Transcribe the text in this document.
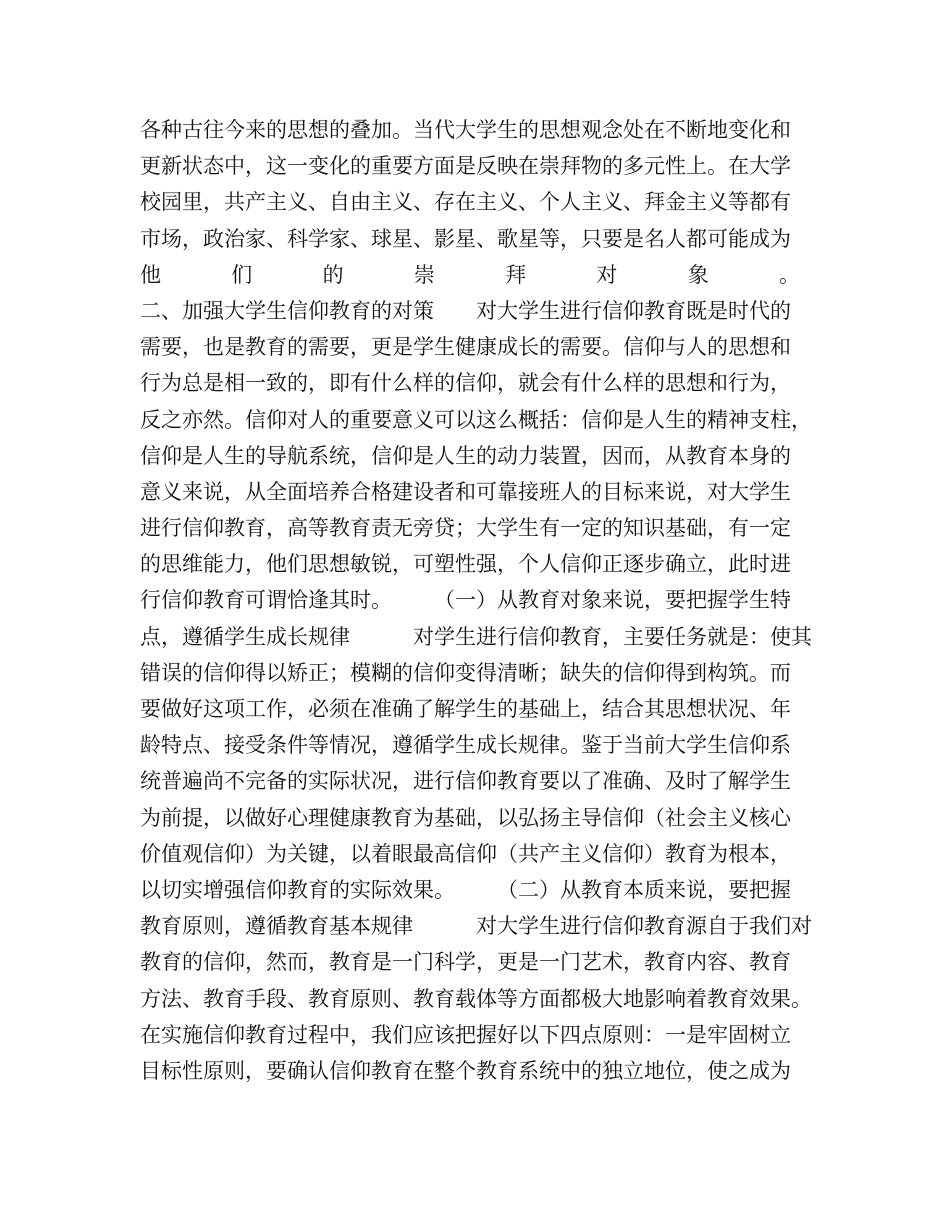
各种古往今来的思想的叠加。当代大学生的思想观念处在不断地变化和
更新状态中，这一变化的重要方面是反映在崇拜物的多元性上。在大学
校园里，共产主义、自由主义、存在主义、个人主义、拜金主义等都有
市场，政治家、科学家、球星、影星、歌星等，只要是名人都可能成为
他	们	的	崇	拜	对	象	。
二、加强大学生信仰教育的对策　　对大学生进行信仰教育既是时代的
需要，也是教育的需要，更是学生健康成长的需要。信仰与人的思想和
行为总是相一致的，即有什么样的信仰，就会有什么样的思想和行为，
反之亦然。信仰对人的重要意义可以这么概括：信仰是人生的精神支柱，
信仰是人生的导航系统，信仰是人生的动力装置，因而，从教育本身的
意义来说，从全面培养合格建设者和可靠接班人的目标来说，对大学生
进行信仰教育，高等教育责无旁贷；大学生有一定的知识基础，有一定
的思维能力，他们思想敏锐，可塑性强，个人信仰正逐步确立，此时进
行信仰教育可谓恰逢其时。　　　（一）从教育对象来说，要把握学生特
点，遵循学生成长规律　　　对学生进行信仰教育，主要任务就是：使其
错误的信仰得以矫正；模糊的信仰变得清晰；缺失的信仰得到构筑。而
要做好这项工作，必须在准确了解学生的基础上，结合其思想状况、年
龄特点、接受条件等情况，遵循学生成长规律。鉴于当前大学生信仰系
统普遍尚不完备的实际状况，进行信仰教育要以了准确、及时了解学生
为前提，以做好心理健康教育为基础，以弘扬主导信仰（社会主义核心
价值观信仰）为关键，以着眼最高信仰（共产主义信仰）教育为根本，
以切实增强信仰教育的实际效果。　　　（二）从教育本质来说，要把握
教育原则，遵循教育基本规律　　　对大学生进行信仰教育源自于我们对
教育的信仰，然而，教育是一门科学，更是一门艺术，教育内容、教育
方法、教育手段、教育原则、教育载体等方面都极大地影响着教育效果。
在实施信仰教育过程中，我们应该把握好以下四点原则：一是牢固树立
目标性原则，要确认信仰教育在整个教育系统中的独立地位，使之成为
